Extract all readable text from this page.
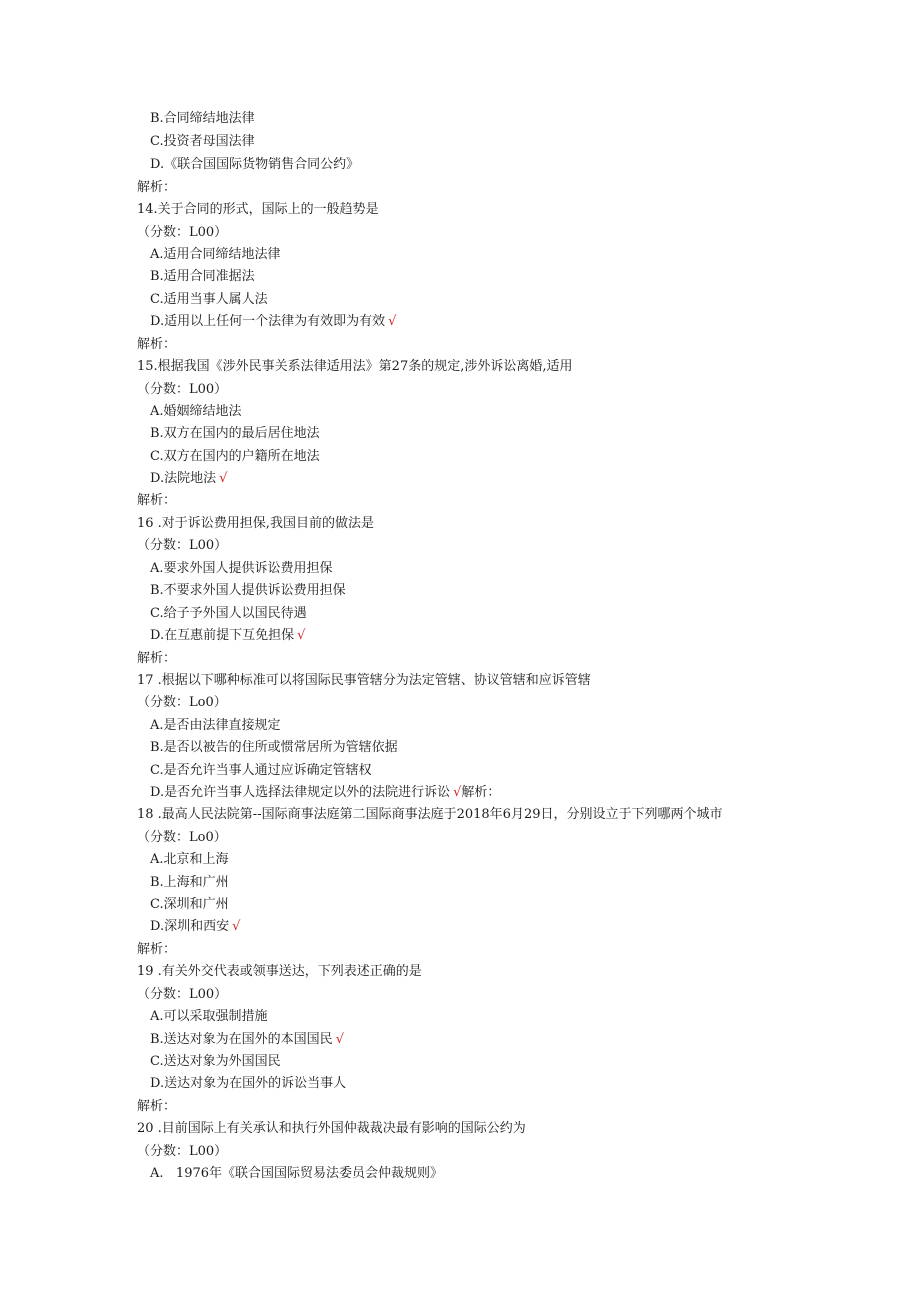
B.合同缔结地法律
C.投资者母国法律
D.《联合国国际货物销售合同公约》
解析：
14.关于合同的形式，国际上的一般趋势是
（分数：L00）
A.适用合同缔结地法律
B.适用合同准据法
C.适用当事人属人法
D.适用以上任何一个法律为有效即为有效 √
解析：
15.根据我国《涉外民事关系法律适用法》第27条的规定,涉外诉讼离婚,适用
（分数：L00）
A.婚姻缔结地法
B.双方在国内的最后居住地法
C.双方在国内的户籍所在地法
D.法院地法 √
解析：
16 .对于诉讼费用担保,我国目前的做法是
（分数：L00）
A.要求外国人提供诉讼费用担保
B.不要求外国人提供诉讼费用担保
C.给子予外国人以国民待遇
D.在互惠前提下互免担保 √
解析：
17 .根据以下哪种标准可以将国际民事管辖分为法定管辖、协议管辖和应诉管辖
（分数：Lo0）
A.是否由法律直接规定
B.是否以被告的住所或惯常居所为管辖依据
C.是否允许当事人通过应诉确定管辖权
D.是否允许当事人选择法律规定以外的法院进行诉讼 √解析：
18 .最高人民法院第--国际商事法庭第二国际商事法庭于2018年6月29日，分别设立于下列哪两个城市
（分数：Lo0）
A.北京和上海
B.上海和广州
C.深圳和广州
D.深圳和西安 √
解析：
19 .有关外交代表或领事送达，下列表述正确的是
（分数：L00）
A.可以采取强制措施
B.送达对象为在国外的本国国民 √
C.送达对象为外国国民
D.送达对象为在国外的诉讼当事人
解析：
20 .目前国际上有关承认和执行外国仲裁裁决最有影响的国际公约为
（分数：L00）
A.   1976年《联合国国际贸易法委员会仲裁规则》
